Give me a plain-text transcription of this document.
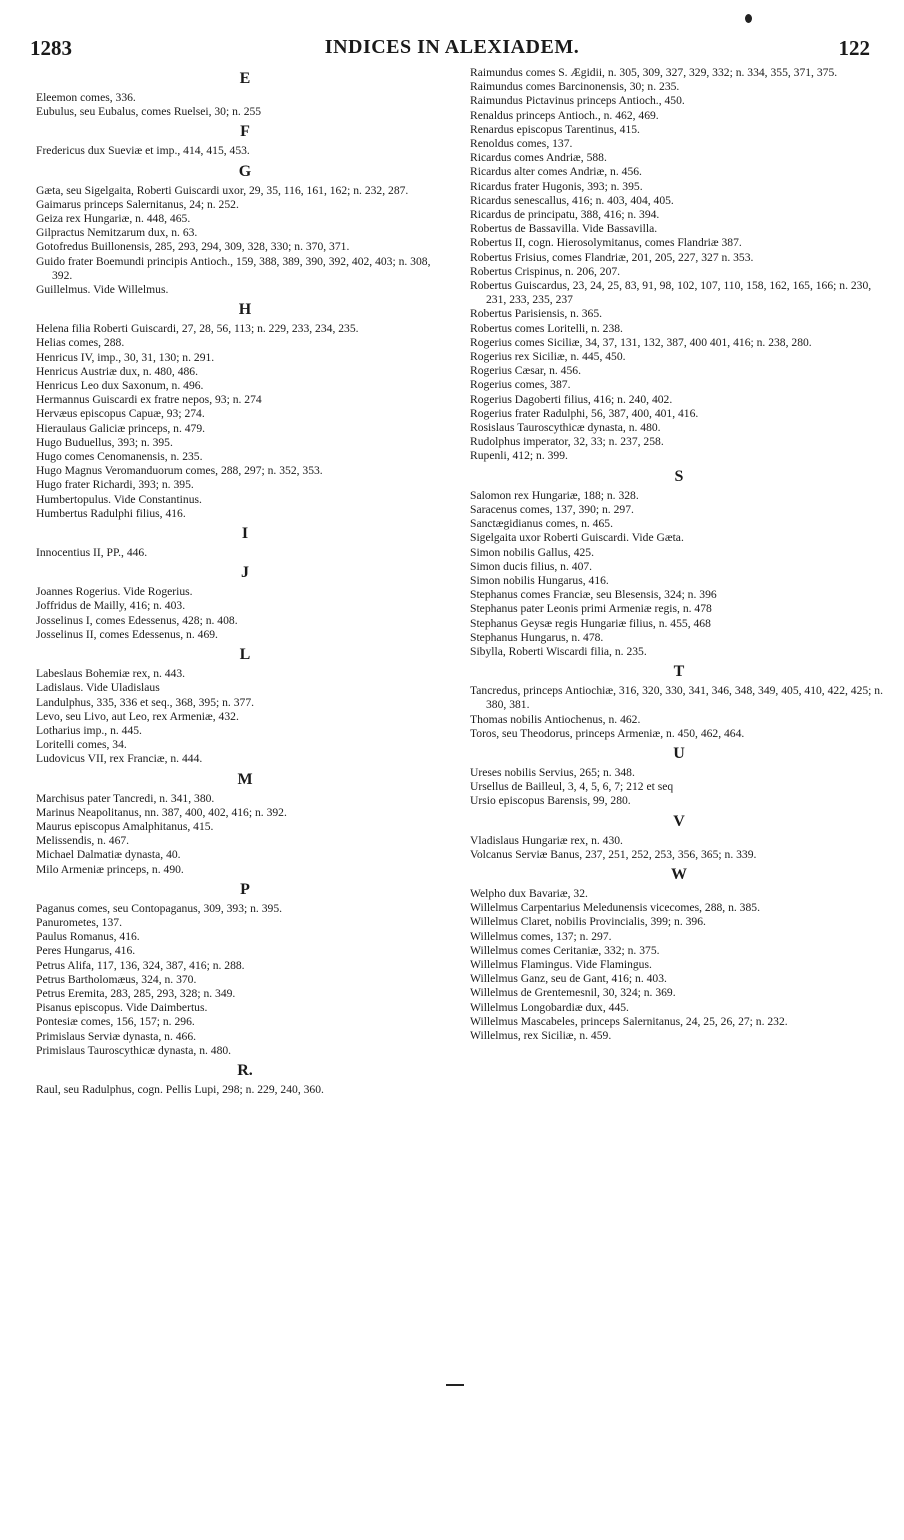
1283	INDICES IN ALEXIADEM.	122
E
Eleemon comes, 336.
Eubulus, seu Eubalus, comes Ruelsei, 30; n. 255
F
Fredericus dux Sueviæ et imp., 414, 415, 453.
G
Gæta, seu Sigelgaita, Roberti Guiscardi uxor, 29, 35, 116, 161, 162; n. 232, 287.
Gaimarus princeps Salernitanus, 24; n. 252.
Geiza rex Hungariæ, n. 448, 465.
Gilpractus Nemitzarum dux, n. 63.
Gotofredus Buillonensis, 285, 293, 294, 309, 328, 330; n. 370, 371.
Guido frater Boemundi principis Antioch., 159, 388, 389, 390, 392, 402, 403; n. 308, 392.
Guillelmus. Vide Willelmus.
H
Helena filia Roberti Guiscardi, 27, 28, 56, 113; n. 229, 233, 234, 235.
Helias comes, 288.
Henricus IV, imp., 30, 31, 130; n. 291.
Henricus Austriæ dux, n. 480, 486.
Henricus Leo dux Saxonum, n. 496.
Hermannus Guiscardi ex fratre nepos, 93; n. 274
Hervæus episcopus Capuæ, 93; 274.
Hieraulaus Galiciæ princeps, n. 479.
Hugo Buduellus, 393; n. 395.
Hugo comes Cenomanensis, n. 235.
Hugo Magnus Veromanduorum comes, 288, 297; n. 352, 353.
Hugo frater Richardi, 393; n. 395.
Humbertopulus. Vide Constantinus.
Humbertus Radulphi filius, 416.
I
Innocentius II, PP., 446.
J
Joannes Rogerius. Vide Rogerius.
Joffridus de Mailly, 416; n. 403.
Josselinus I, comes Edessenus, 428; n. 408.
Josselinus II, comes Edessenus, n. 469.
L
Labeslaus Bohemiæ rex, n. 443.
Ladislaus. Vide Uladislaus
Landulphus, 335, 336 et seq., 368, 395; n. 377.
Levo, seu Livo, aut Leo, rex Armeniæ, 432.
Lotharius imp., n. 445.
Loritelli comes, 34.
Ludovicus VII, rex Franciæ, n. 444.
M
Marchisus pater Tancredi, n. 341, 380.
Marinus Neapolitanus, nn. 387, 400, 402, 416; n. 392.
Maurus episcopus Amalphitanus, 415.
Melissendis, n. 467.
Michael Dalmatiæ dynasta, 40.
Milo Armeniæ princeps, n. 490.
P
Paganus comes, seu Contopaganus, 309, 393; n. 395.
Panurometes, 137.
Paulus Romanus, 416.
Peres Hungarus, 416.
Petrus Alifa, 117, 136, 324, 387, 416; n. 288.
Petrus Bartholomæus, 324, n. 370.
Petrus Eremita, 283, 285, 293, 328; n. 349.
Pisanus episcopus. Vide Daimbertus.
Pontesiæ comes, 156, 157; n. 296.
Primislaus Serviæ dynasta, n. 466.
Primislaus Tauroscythicæ dynasta, n. 480.
R.
Raul, seu Radulphus, cogn. Pellis Lupi, 298; n. 229, 240, 360.
Raimundus comes S. Ægidii, n. 305, 309, 327, 329, 332; n. 334, 355, 371, 375.
Raimundus comes Barcinonensis, 30; n. 235.
Raimundus Pictavinus princeps Antioch., 450.
Renaldus princeps Antioch., n. 462, 469.
Renardus episcopus Tarentinus, 415.
Renoldus comes, 137.
Ricardus comes Andriæ, 588.
Ricardus alter comes Andriæ, n. 456.
Ricardus frater Hugonis, 393; n. 395.
Ricardus senescallus, 416; n. 403, 404, 405.
Ricardus de principatu, 388, 416; n. 394.
Robertus de Bassavilla. Vide Bassavilla.
Robertus II, cogn. Hierosolymitanus, comes Flandriæ 387.
Robertus Frisius, comes Flandriæ, 201, 205, 227, 327 n. 353.
Robertus Crispinus, n. 206, 207.
Robertus Guiscardus, 23, 24, 25, 83, 91, 98, 102, 107, 110, 158, 162, 165, 166; n. 230, 231, 233, 235, 237
Robertus Parisiensis, n. 365.
Robertus comes Loritelli, n. 238.
Rogerius comes Siciliæ, 34, 37, 131, 132, 387, 400 401, 416; n. 238, 280.
Rogerius rex Siciliæ, n. 445, 450.
Rogerius Cæsar, n. 456.
Rogerius comes, 387.
Rogerius Dagoberti filius, 416; n. 240, 402.
Rogerius frater Radulphi, 56, 387, 400, 401, 416.
Rosislaus Tauroscythicæ dynasta, n. 480.
Rudolphus imperator, 32, 33; n. 237, 258.
Rupenli, 412; n. 399.
S
Salomon rex Hungariæ, 188; n. 328.
Saracenus comes, 137, 390; n. 297.
Sanctægidianus comes, n. 465.
Sigelgaita uxor Roberti Guiscardi. Vide Gæta.
Simon nobilis Gallus, 425.
Simon ducis filius, n. 407.
Simon nobilis Hungarus, 416.
Stephanus comes Franciæ, seu Blesensis, 324; n. 396
Stephanus pater Leonis primi Armeniæ regis, n. 478
Stephanus Geysæ regis Hungariæ filius, n. 455, 468
Stephanus Hungarus, n. 478.
Sibylla, Roberti Wiscardi filia, n. 235.
T
Tancredus, princeps Antiochiæ, 316, 320, 330, 341, 346, 348, 349, 405, 410, 422, 425; n. 380, 381.
Thomas nobilis Antiochenus, n. 462.
Toros, seu Theodorus, princeps Armeniæ, n. 450, 462, 464.
U
Ureses nobilis Servius, 265; n. 348.
Ursellus de Bailleul, 3, 4, 5, 6, 7; 212 et seq
Ursio episcopus Barensis, 99, 280.
V
Vladislaus Hungariæ rex, n. 430.
Volcanus Serviæ Banus, 237, 251, 252, 253, 356, 365; n. 339.
W
Welpho dux Bavariæ, 32.
Willelmus Carpentarius Meledunensis vicecomes, 288, n. 385.
Willelmus Claret, nobilis Provincialis, 399; n. 396.
Willelmus comes, 137; n. 297.
Willelmus comes Ceritaniæ, 332; n. 375.
Willelmus Flamingus. Vide Flamingus.
Willelmus Ganz, seu de Gant, 416; n. 403.
Willelmus de Grentemesnil, 30, 324; n. 369.
Willelmus Longobardiæ dux, 445.
Willelmus Mascabeles, princeps Salernitanus, 24, 25, 26, 27; n. 232.
Willelmus, rex Siciliæ, n. 459.
